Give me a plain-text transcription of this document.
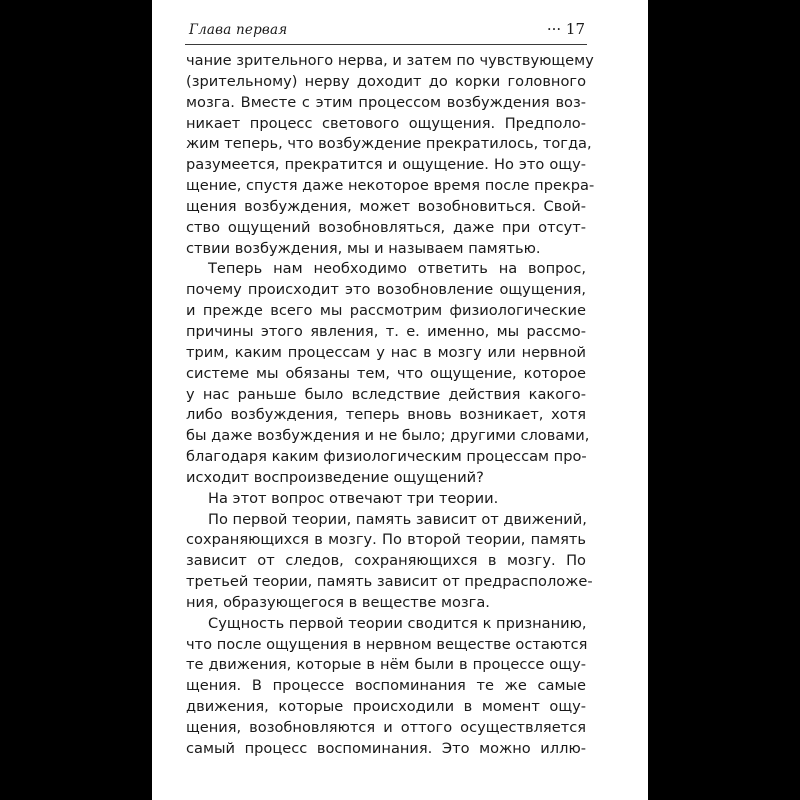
Глава первая	··· 17
чание зрительного нерва, и затем по чувствующему
(зрительному) нерву доходит до корки головного
мозга. Вместе с этим процессом возбуждения воз-
никает процесс светового ощущения. Предполо-
жим теперь, что возбуждение прекратилось, тогда,
разумеется, прекратится и ощущение. Но это ощу-
щение, спустя даже некоторое время после прекра-
щения возбуждения, может возобновиться. Свой-
ство ощущений возобновляться, даже при отсут-
ствии возбуждения, мы и называем памятью.
Теперь нам необходимо ответить на вопрос,
почему происходит это возобновление ощущения,
и прежде всего мы рассмотрим физиологические
причины этого явления, т. е. именно, мы рассмо-
трим, каким процессам у нас в мозгу или нервной
системе мы обязаны тем, что ощущение, которое
у нас раньше было вследствие действия какого-
либо возбуждения, теперь вновь возникает, хотя
бы даже возбуждения и не было; другими словами,
благодаря каким физиологическим процессам про-
исходит воспроизведение ощущений?
На этот вопрос отвечают три теории.
По первой теории, память зависит от движений,
сохраняющихся в мозгу. По второй теории, память
зависит от следов, сохраняющихся в мозгу. По
третьей теории, память зависит от предрасположе-
ния, образующегося в веществе мозга.
Сущность первой теории сводится к признанию,
что после ощущения в нервном веществе остаются
те движения, которые в нём были в процессе ощу-
щения. В процессе воспоминания те же самые
движения, которые происходили в момент ощу-
щения, возобновляются и оттого осуществляется
самый процесс воспоминания. Это можно иллю-
